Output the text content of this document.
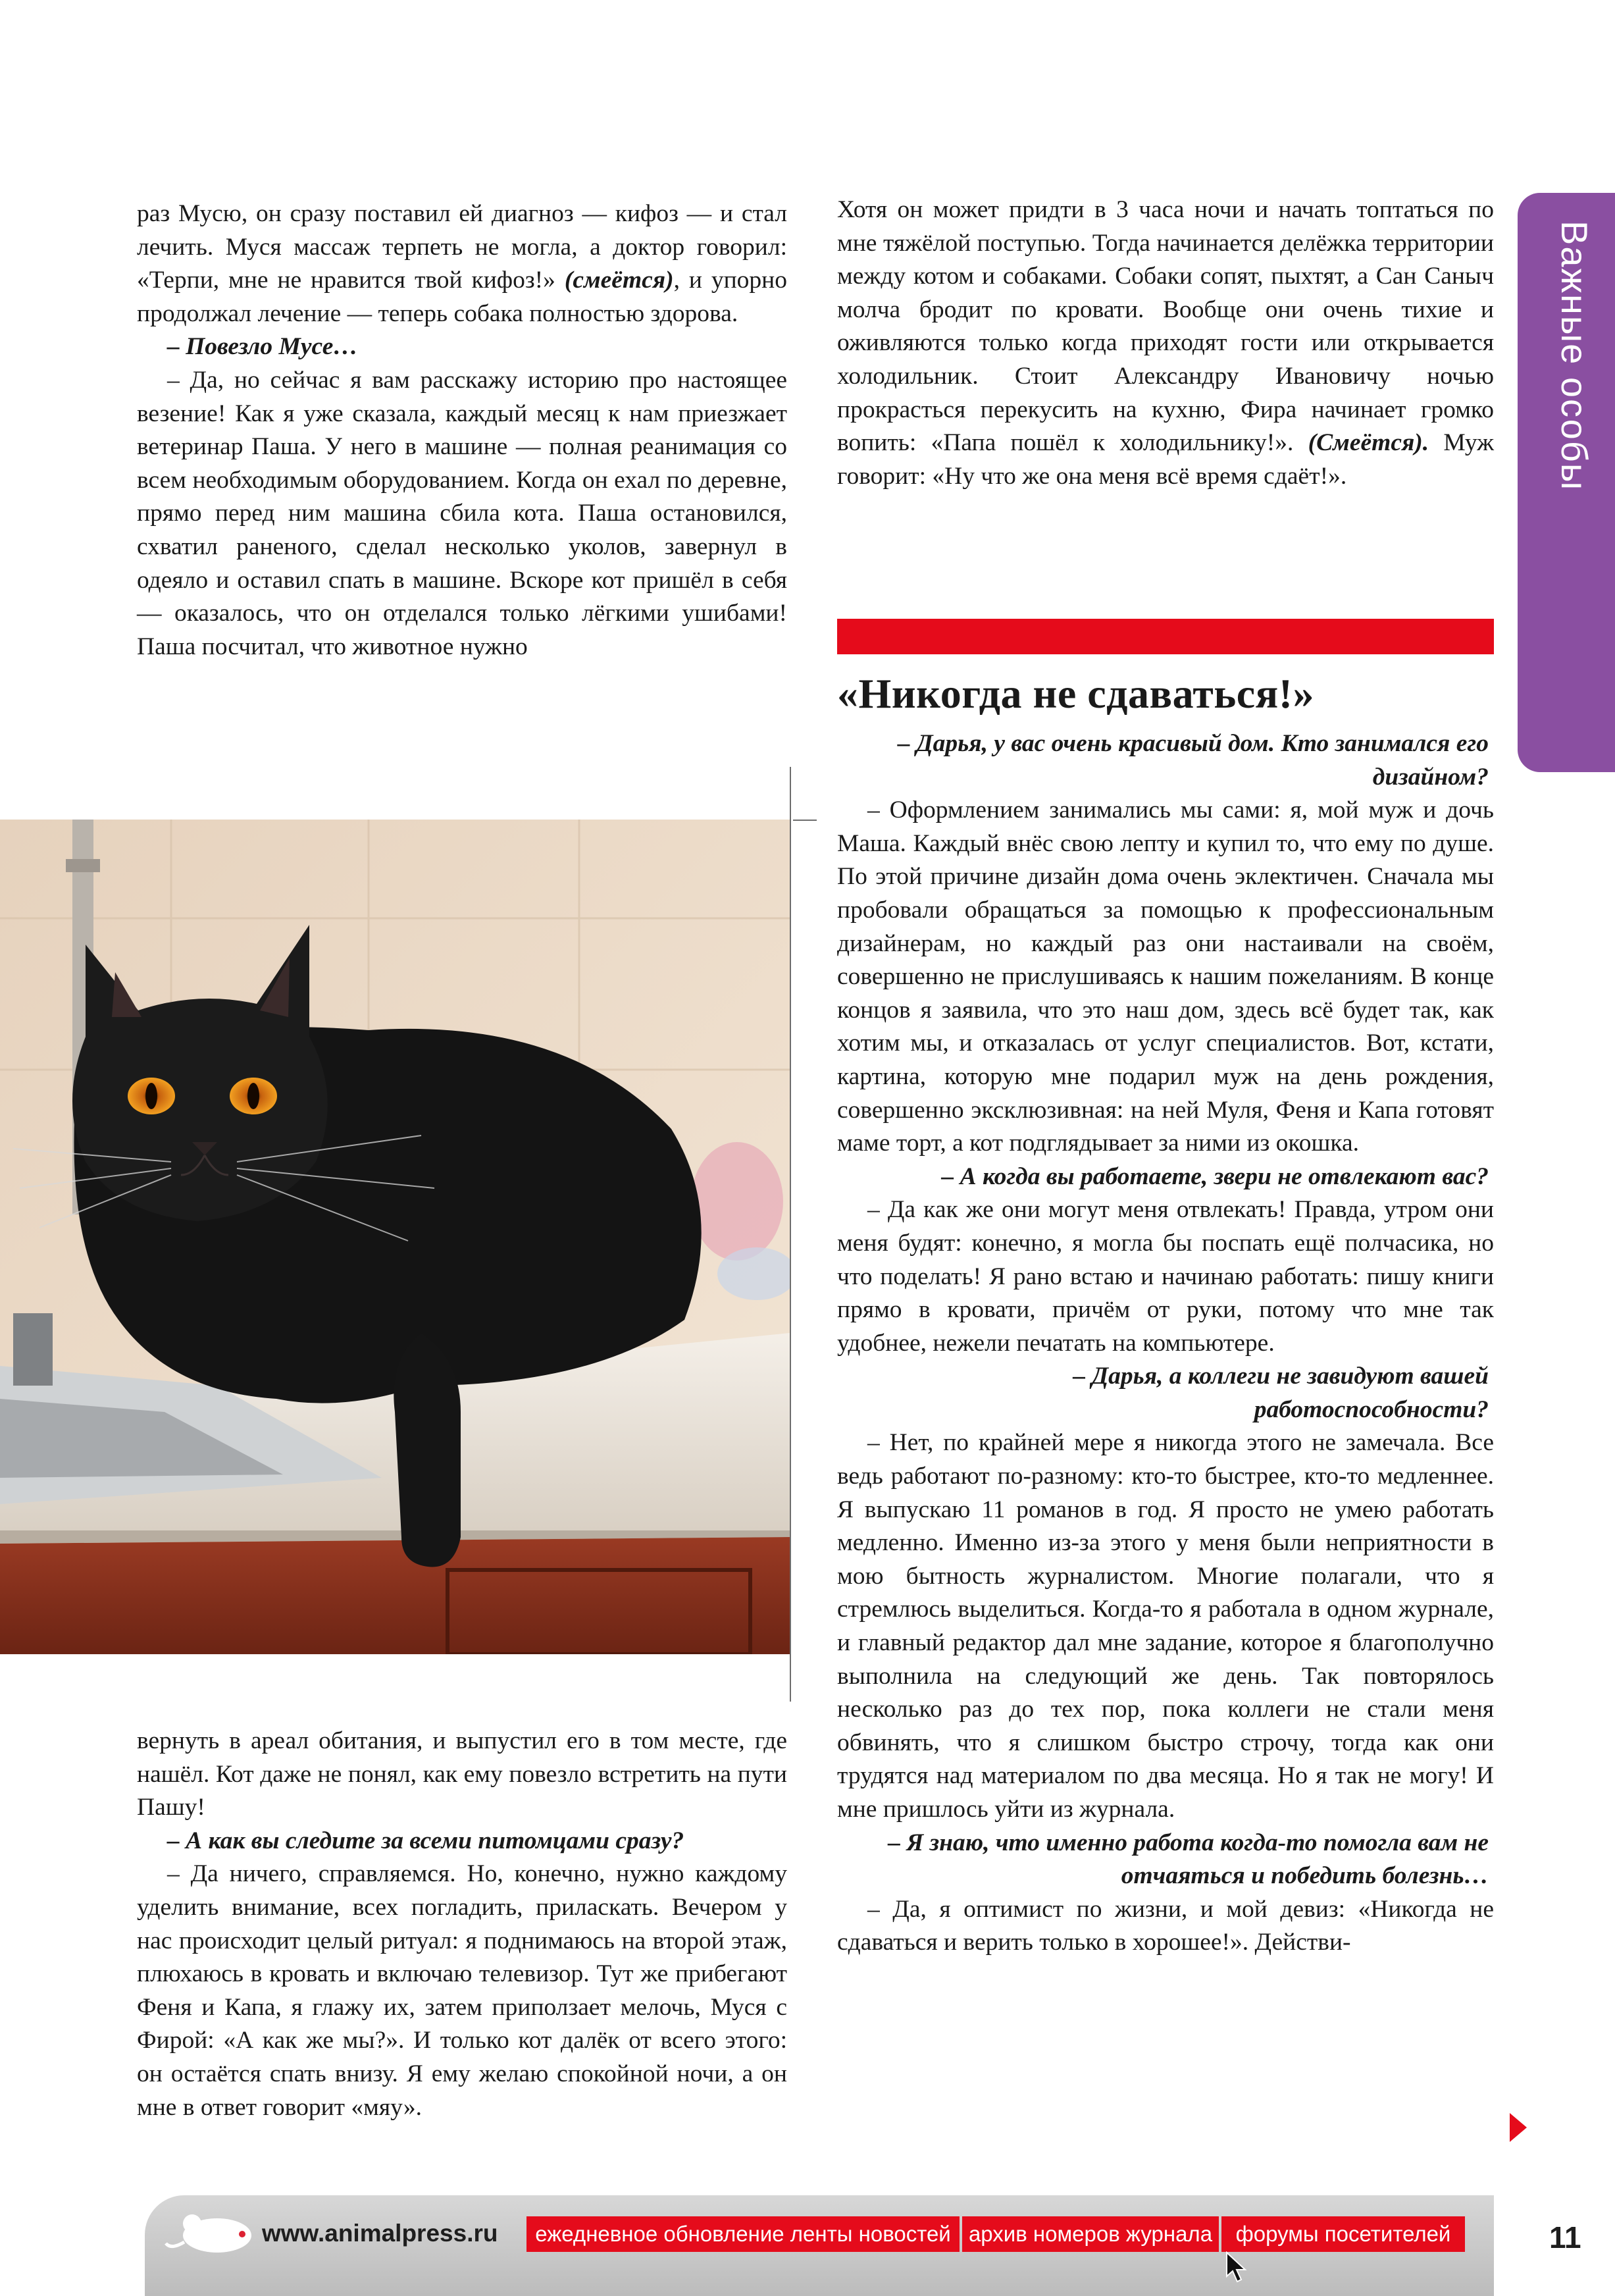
Важные особы

раз Мусю, он сразу поставил ей диагноз — кифоз — и стал лечить. Муся массаж терпеть не могла, а доктор говорил: «Терпи, мне не нравится твой кифоз!» (смеётся), и упорно продолжал лечение — теперь собака полностью здорова.

– Повезло Мусе…

– Да, но сейчас я вам расскажу историю про настоящее везение! Как я уже сказала, каждый месяц к нам приезжает ветеринар Паша. У него в машине — полная реанимация со всем необходимым оборудованием. Когда он ехал по деревне, прямо перед ним машина сбила кота. Паша остановился, схватил раненого, сделал несколько уколов, завернул в одеяло и оставил спать в машине. Вскоре кот пришёл в себя — оказалось, что он отделался только лёгкими ушибами! Паша посчитал, что животное нужно

вернуть в ареал обитания, и выпустил его в том месте, где нашёл. Кот даже не понял, как ему повезло встретить на пути Пашу!

– А как вы следите за всеми питомцами сразу?

– Да ничего, справляемся. Но, конечно, нужно каждому уделить внимание, всех погладить, приласкать. Вечером у нас происходит целый ритуал: я поднимаюсь на второй этаж, плюхаюсь в кровать и включаю телевизор. Тут же прибегают Феня и Капа, я глажу их, затем приползает мелочь, Муся с Фирой: «А как же мы?». И только кот далёк от всего этого: он остаётся спать внизу. Я ему желаю спокойной ночи, а он мне в ответ говорит «мяу».

Хотя он может придти в 3 часа ночи и начать топтаться по мне тяжёлой поступью. Тогда начинается делёжка территории между котом и собаками. Собаки сопят, пыхтят, а Сан Саныч молча бродит по кровати. Вообще они очень тихие и оживляются только когда приходят гости или открывается холодильник. Стоит Александру Ивановичу ночью прокрасться перекусить на кухню, Фира начинает громко вопить: «Папа пошёл к холодильнику!». (Смеётся). Муж говорит: «Ну что же она меня всё время сдаёт!».

«Никогда не сдаваться!»

– Дарья, у вас очень красивый дом. Кто занимался его дизайном?

– Оформлением занимались мы сами: я, мой муж и дочь Маша. Каждый внёс свою лепту и купил то, что ему по душе. По этой причине дизайн дома очень эклектичен. Сначала мы пробовали обращаться за помощью к профессиональным дизайнерам, но каждый раз они настаивали на своём, совершенно не прислушиваясь к нашим пожеланиям. В конце концов я заявила, что это наш дом, здесь всё будет так, как хотим мы, и отказалась от услуг специалистов. Вот, кстати, картина, которую мне подарил муж на день рождения, совершенно эксклюзивная: на ней Муля, Феня и Капа готовят маме торт, а кот подглядывает за ними из окошка.

– А когда вы работаете, звери не отвлекают вас?

– Да как же они могут меня отвлекать! Правда, утром они меня будят: конечно, я могла бы поспать ещё полчасика, но что поделать! Я рано встаю и начинаю работать: пишу книги прямо в кровати, причём от руки, потому что мне так удобнее, нежели печатать на компьютере.

– Дарья, а коллеги не завидуют вашей работоспособности?

– Нет, по крайней мере я никогда этого не замечала. Все ведь работают по-разному: кто-то быстрее, кто-то медленнее. Я выпускаю 11 романов в год. Я просто не умею работать медленно. Именно из-за этого у меня были неприятности в мою бытность журналистом. Многие полагали, что я стремлюсь выделиться. Когда-то я работала в одном журнале, и главный редактор дал мне задание, которое я благополучно выполнила на следующий же день. Так повторялось несколько раз до тех пор, пока коллеги не стали меня обвинять, что я слишком быстро строчу, тогда как они трудятся над материалом по два месяца. Но я так не могу! И мне пришлось уйти из журнала.

– Я знаю, что именно работа когда-то помогла вам не отчаяться и победить болезнь…

– Да, я оптимист по жизни, и мой девиз: «Никогда не сдаваться и верить только в хорошее!». Действи-

www.animalpress.ru	ежедневное обновление ленты новостей архив номеров журнала	форумы посетителей	11
